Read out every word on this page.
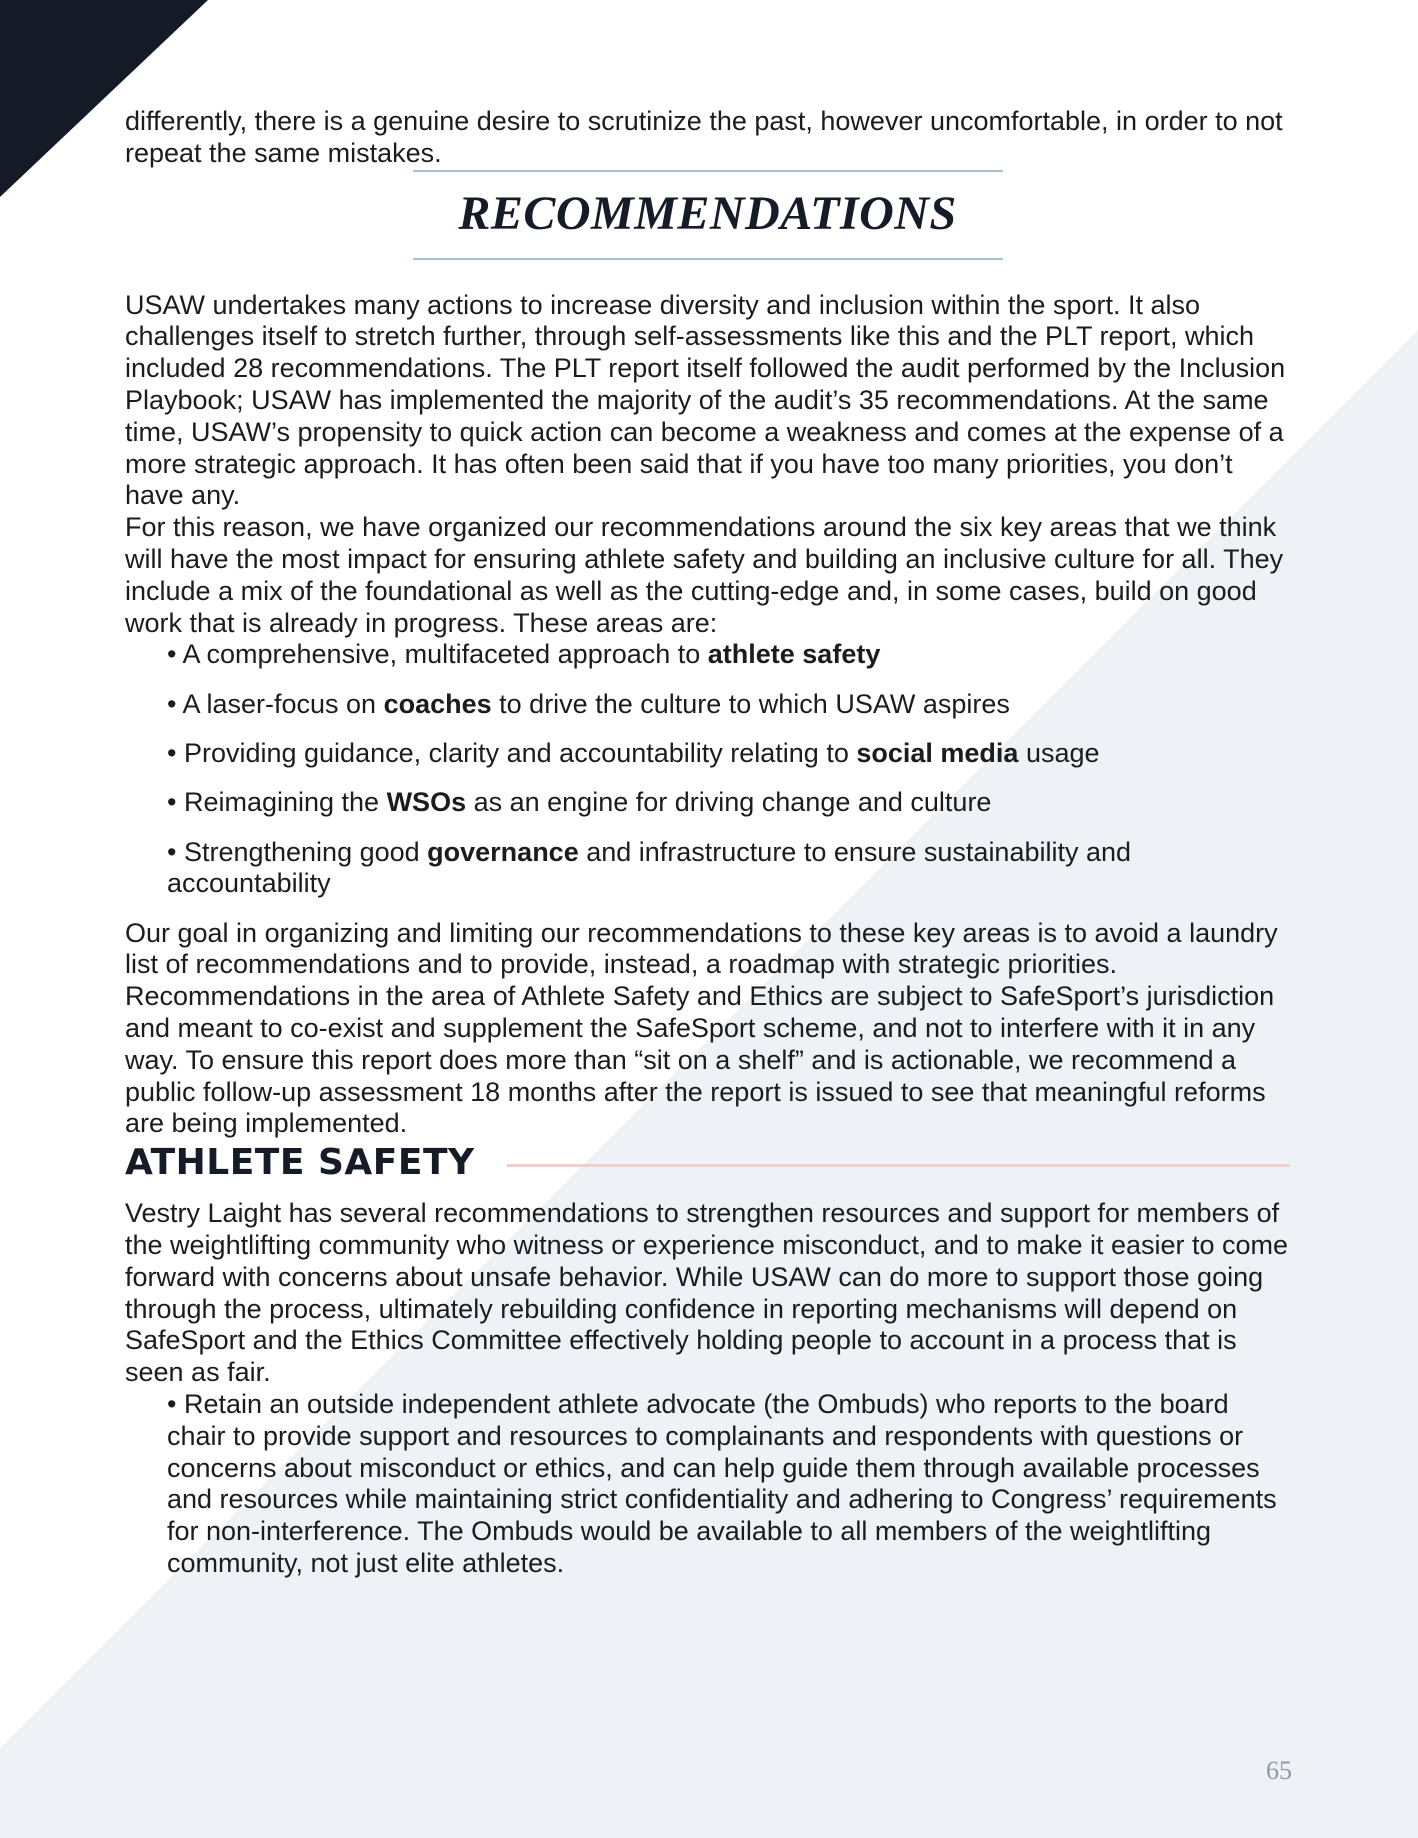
differently, there is a genuine desire to scrutinize the past, however uncomfortable, in order to not repeat the same mistakes.

RECOMMENDATIONS

USAW undertakes many actions to increase diversity and inclusion within the sport. It also challenges itself to stretch further, through self-assessments like this and the PLT report, which included 28 recommendations. The PLT report itself followed the audit performed by the Inclusion Playbook; USAW has implemented the majority of the audit’s 35 recommendations. At the same time, USAW’s propensity to quick action can become a weakness and comes at the expense of a more strategic approach. It has often been said that if you have too many priorities, you don’t have any.

For this reason, we have organized our recommendations around the six key areas that we think will have the most impact for ensuring athlete safety and building an inclusive culture for all. They include a mix of the foundational as well as the cutting-edge and, in some cases, build on good work that is already in progress. These areas are:

• A comprehensive, multifaceted approach to athlete safety
• A laser-focus on coaches to drive the culture to which USAW aspires
• Providing guidance, clarity and accountability relating to social media usage
• Reimagining the WSOs as an engine for driving change and culture
• Strengthening good governance and infrastructure to ensure sustainability and accountability

Our goal in organizing and limiting our recommendations to these key areas is to avoid a laundry list of recommendations and to provide, instead, a roadmap with strategic priorities. Recommendations in the area of Athlete Safety and Ethics are subject to SafeSport’s jurisdiction and meant to co-exist and supplement the SafeSport scheme, and not to interfere with it in any way. To ensure this report does more than “sit on a shelf” and is actionable, we recommend a public follow-up assessment 18 months after the report is issued to see that meaningful reforms are being implemented.

ATHLETE SAFETY

Vestry Laight has several recommendations to strengthen resources and support for members of the weightlifting community who witness or experience misconduct, and to make it easier to come forward with concerns about unsafe behavior. While USAW can do more to support those going through the process, ultimately rebuilding confidence in reporting mechanisms will depend on SafeSport and the Ethics Committee effectively holding people to account in a process that is seen as fair.

• Retain an outside independent athlete advocate (the Ombuds) who reports to the board chair to provide support and resources to complainants and respondents with questions or concerns about misconduct or ethics, and can help guide them through available processes and resources while maintaining strict confidentiality and adhering to Congress’ requirements for non-interference. The Ombuds would be available to all members of the weightlifting community, not just elite athletes.
65
